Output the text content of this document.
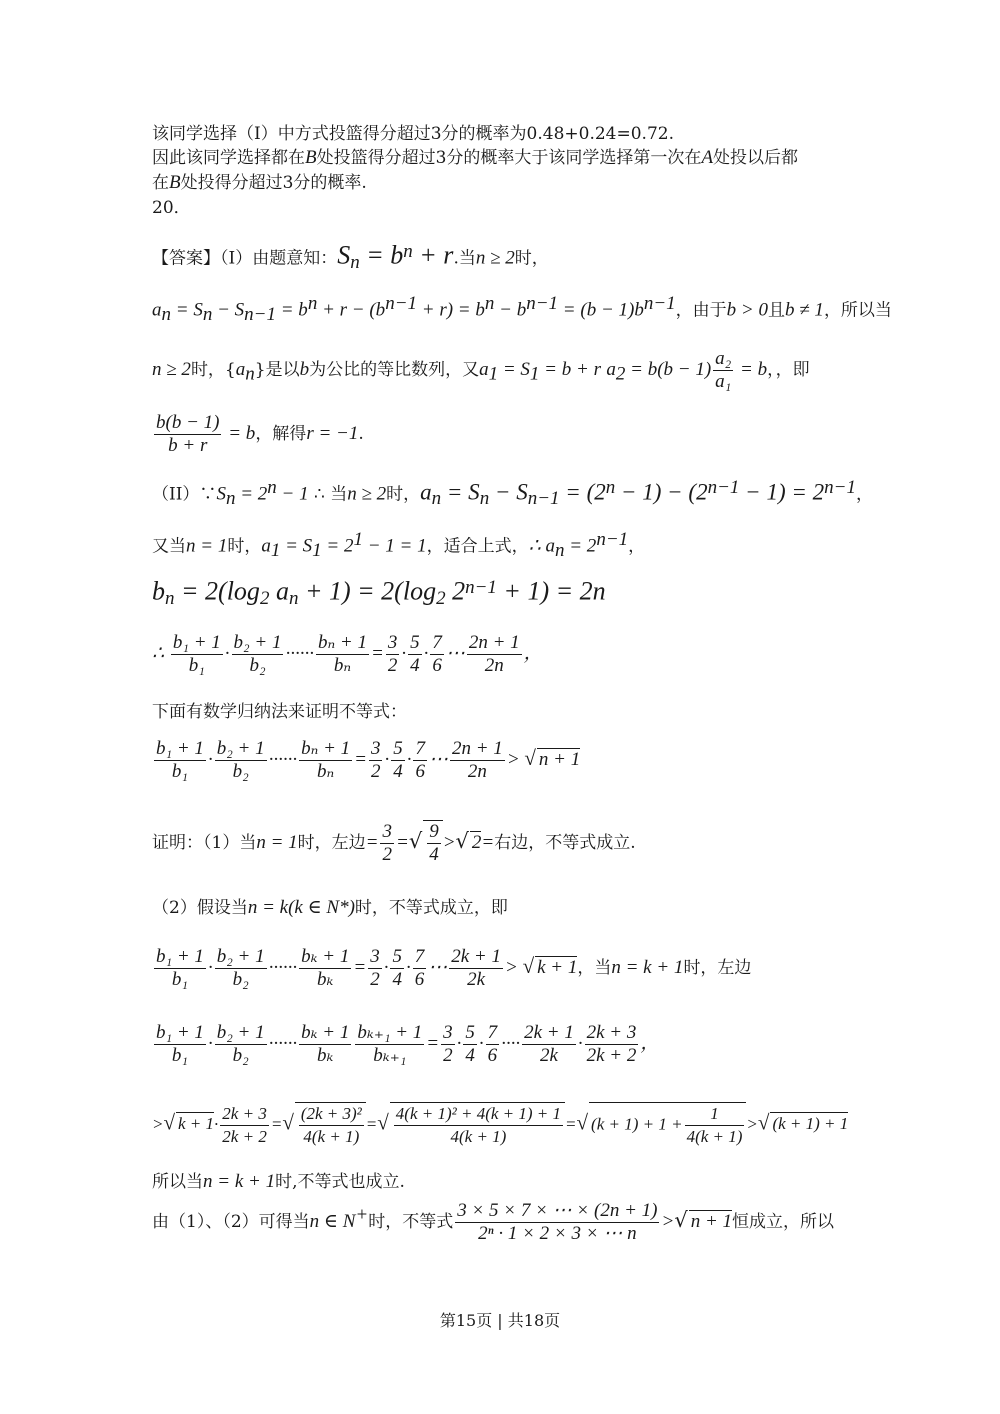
该同学选择（I）中方式投篮得分超过3分的概率为0.48+0.24=0.72.
因此该同学选择都在B处投篮得分超过3分的概率大于该同学选择第一次在A处投以后都
在B处投得分超过3分的概率.
20．
【答案】（I）由题意知：$S_n = b^n + r$.当n ≥ 2时，
$a_n = S_n - S_{n-1} = b^n + r - (b^{n-1} + r) = b^n - b^{n-1} = (b - 1)b^{n-1}$，由于b > 0且b ≠ 1，所以当
n ≥ 2时，$\{a_n\}$是以b为公比的等比数列，又$a_1 = S_1 = b + r$ $a_2 = b(b - 1) \frac{\text{a₂}}{\text{a₁}} = b$，，即
$\frac{b(b - 1)}{b + r} = b$，解得r = −1.
$(II)\because S_n = 2^n - 1$ ∴ 当n ≥ 2时，$a_n = S_n - S_{n-1} = (2^n - 1) - (2^{n-1} - 1) = 2^{n-1}$，
又当n = 1时，$a_1 = S_1 = 2^1 - 1 = 1$，适合上式，∴ $a_n = 2^{n-1}$，
$b_n = 2(\log_2$ $a_n + 1) = 2(\log_2$ $2^{n-1} + 1) = 2n$
∴ $\frac{\text{b₁ + 1}}{\text{b₁}} \cdot \frac{\text{b₂ + 1}}{\text{b₂}}$ ······ $\frac{\text{bₙ + 1}}{\text{bₙ}} = \frac{3}{2} \cdot \frac{5}{4} \cdot \frac{7}{6}$ ⋯ $\frac{2n + 1}{2n}$ ，
下面有数学归纳法来证明不等式：
$\frac{\text{b₁ + 1}}{\text{b₁}} \cdot \frac{\text{b₂ + 1}}{\text{b₂}}$ ······ $\frac{\text{bₙ + 1}}{\text{bₙ}} = \frac{3}{2} \cdot \frac{5}{4} \cdot \frac{7}{6}$ ⋯ $\frac{2n + 1}{2n}$ > √ n + 1
证明：（1）当n = 1时，左边= $\frac{3}{2}$ =√ $\frac{9}{4}$ >√ 2=右边，不等式成立.
（2）假设当n = k(k ∈ N*)时，不等式成立，即
$\frac{\text{b₁ + 1}}{\text{b₁}} \cdot \frac{\text{b₂ + 1}}{\text{b₂}}$ ······ $\frac{\text{bₖ + 1}}{\text{bₖ}} = \frac{3}{2} \cdot \frac{5}{4} \cdot \frac{7}{6}$ ⋯ $\frac{2k + 1}{2k}$ > √ k + 1，当n = k + 1时，左边
$\frac{\text{b₁ + 1}}{\text{b₁}} \cdot \frac{\text{b₂ + 1}}{\text{b₂}}$ ······ $\frac{\text{bₖ + 1}}{\text{bₖ}} \frac{\text{bₖ₊₁ + 1}}{\text{bₖ₊₁}} = \frac{3}{2} \cdot \frac{5}{4} \cdot \frac{7}{6}$ ···· $\frac{2k + 1}{2k} \cdot \frac{2k + 3}{2k + 2}$ ，
>√ $k + 1\cdot \frac{2k + 3}{2k + 2}$ =√ $\frac{\text{(2k + 3)²}}{4(k + 1)}$ =√ $\frac{\text{4(k + 1)² + 4(k + 1) + 1}}{4(k + 1)}$ =√ $(k + 1) + 1 + \frac{1}{4(k + 1)}$ >√ (k + 1) + 1
所以当n = k + 1时,不等式也成立.
由（1）、（2）可得当n ∈ N+时，不等式 $\frac{3 \times 5 \times 7 \times \cdots \times (2n + 1)}{\text{2ⁿ · 1 × 2 × 3 × ⋯ n}}$ >√ n + 1恒成立，所以
第15页 | 共18页
